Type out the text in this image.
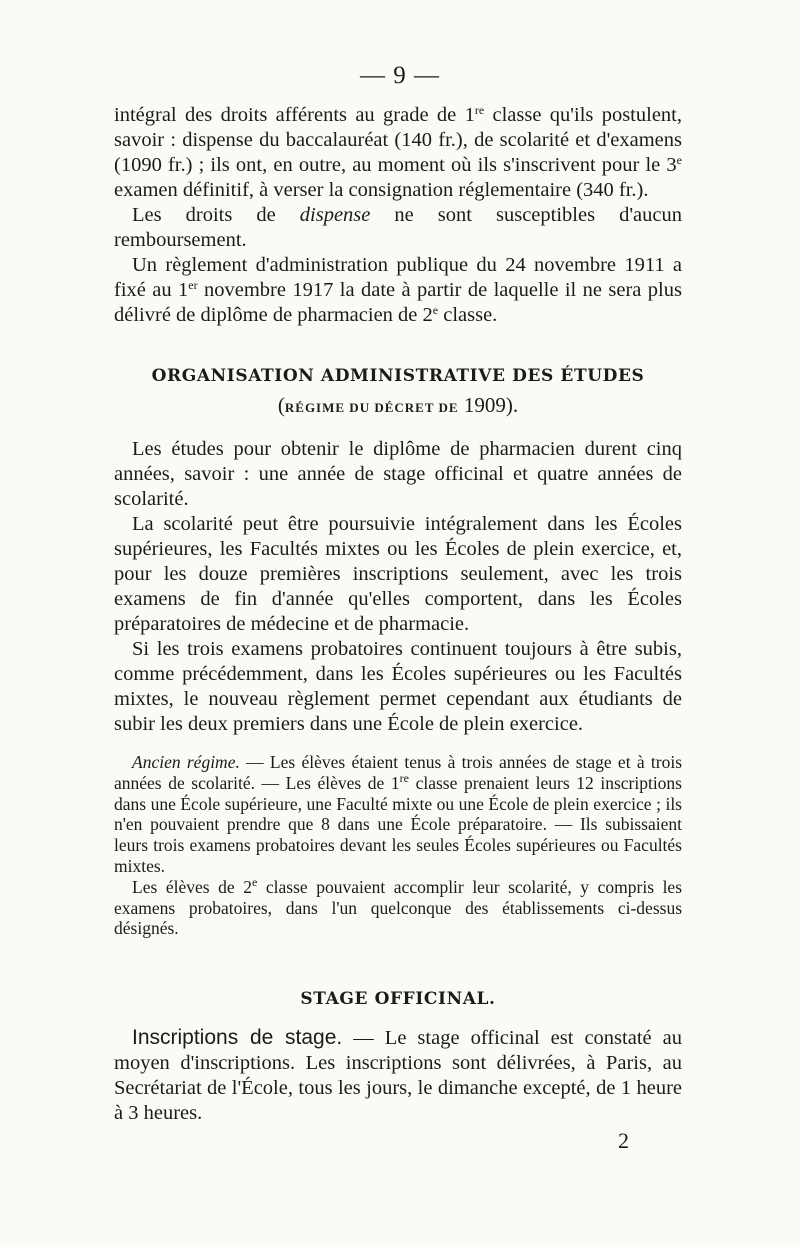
— 9 —

intégral des droits afférents au grade de 1re classe qu'ils postulent, savoir : dispense du baccalauréat (140 fr.), de scolarité et d'examens (1090 fr.) ; ils ont, en outre, au moment où ils s'inscrivent pour le 3e examen définitif, à verser la consignation réglementaire (340 fr.).

Les droits de dispense ne sont susceptibles d'aucun remboursement.

Un règlement d'administration publique du 24 novembre 1911 a fixé au 1er novembre 1917 la date à partir de laquelle il ne sera plus délivré de diplôme de pharmacien de 2e classe.

ORGANISATION ADMINISTRATIVE DES ÉTUDES
(RÉGIME DU DÉCRET DE 1909).

Les études pour obtenir le diplôme de pharmacien durent cinq années, savoir : une année de stage officinal et quatre années de scolarité.

La scolarité peut être poursuivie intégralement dans les Écoles supérieures, les Facultés mixtes ou les Écoles de plein exercice, et, pour les douze premières inscriptions seulement, avec les trois examens de fin d'année qu'elles comportent, dans les Écoles préparatoires de médecine et de pharmacie.

Si les trois examens probatoires continuent toujours à être subis, comme précédemment, dans les Écoles supérieures ou les Facultés mixtes, le nouveau règlement permet cependant aux étudiants de subir les deux premiers dans une École de plein exercice.

Ancien régime. — Les élèves étaient tenus à trois années de stage et à trois années de scolarité. — Les élèves de 1re classe prenaient leurs 12 inscriptions dans une École supérieure, une Faculté mixte ou une École de plein exercice ; ils n'en pouvaient prendre que 8 dans une École préparatoire. — Ils subissaient leurs trois examens probatoires devant les seules Écoles supérieures ou Facultés mixtes.

Les élèves de 2e classe pouvaient accomplir leur scolarité, y compris les examens probatoires, dans l'un quelconque des établissements ci-dessus désignés.

STAGE OFFICINAL.

Inscriptions de stage. — Le stage officinal est constaté au moyen d'inscriptions. Les inscriptions sont délivrées, à Paris, au Secrétariat de l'École, tous les jours, le dimanche excepté, de 1 heure à 3 heures.

2
